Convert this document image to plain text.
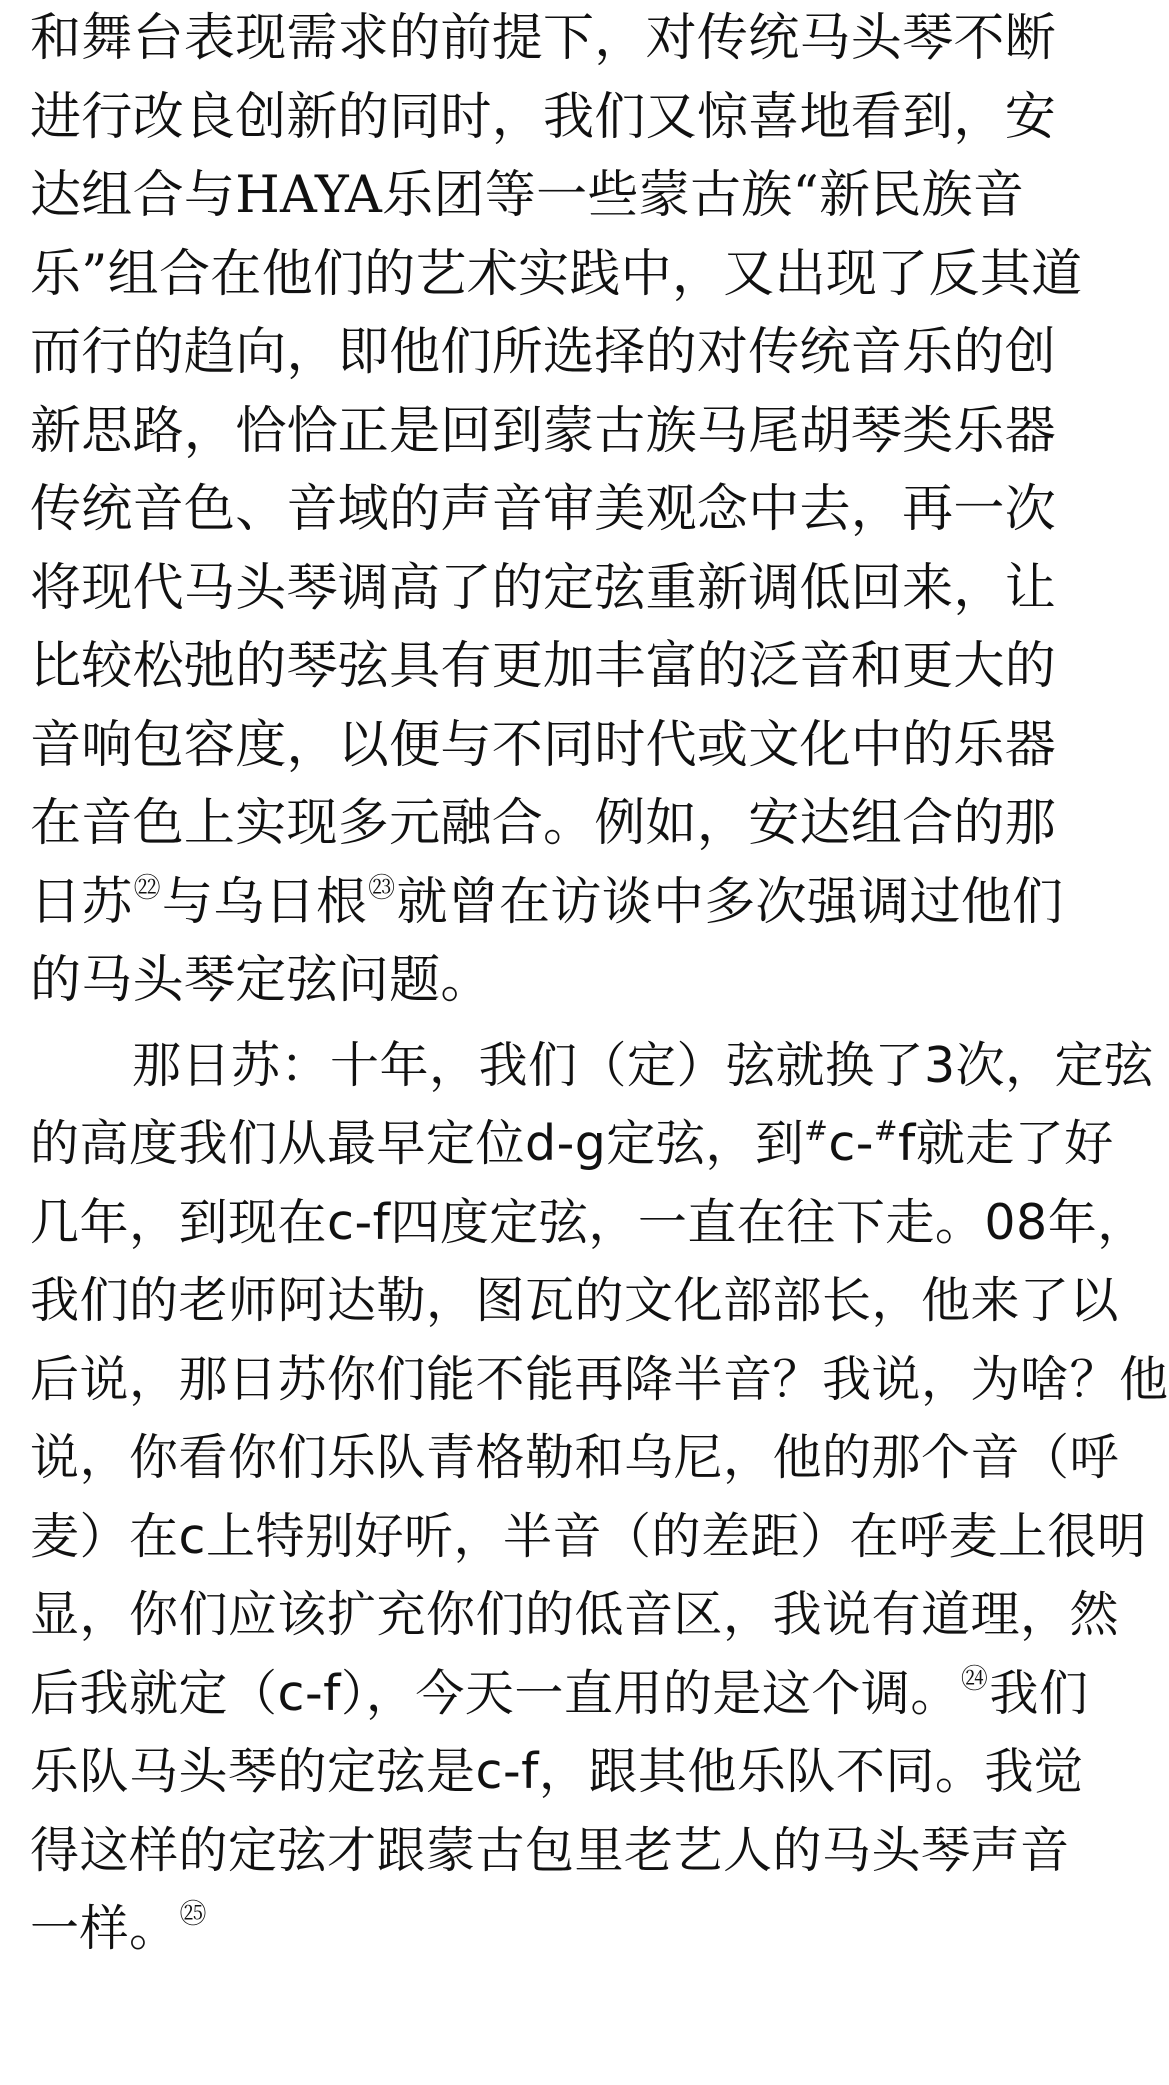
和舞台表现需求的前提下，对传统马头琴不断
进行改良创新的同时，我们又惊喜地看到，安
达组合与HAYA乐团等一些蒙古族“新民族音
乐”组合在他们的艺术实践中，又出现了反其道
而行的趋向，即他们所选择的对传统音乐的创
新思路，恰恰正是回到蒙古族马尾胡琴类乐器
传统音色、音域的声音审美观念中去，再一次
将现代马头琴调高了的定弦重新调低回来，让
比较松弛的琴弦具有更加丰富的泛音和更大的
音响包容度，以便与不同时代或文化中的乐器
在音色上实现多元融合。例如，安达组合的那
日苏$^㉒$与乌日根$^㉓$就曾在访谈中多次强调过他们
的马头琴定弦问题。
那日苏：十年，我们（定）弦就换了3次，定弦
的高度我们从最早定位d-g定弦，到#c-#f就走了好
几年，到现在c-f四度定弦，一直在往下走。08年，
我们的老师阿达勒，图瓦的文化部部长，他来了以
后说，那日苏你们能不能再降半音？我说，为啥？他
说，你看你们乐队青格勒和乌尼，他的那个音（呼
麦）在c上特别好听，半音（的差距）在呼麦上很明
显，你们应该扩充你们的低音区，我说有道理，然
后我就定（c-f），今天一直用的是这个调。$^㉔$我们
乐队马头琴的定弦是c-f，跟其他乐队不同。我觉
得这样的定弦才跟蒙古包里老艺人的马头琴声音
一样。$^㉕$
